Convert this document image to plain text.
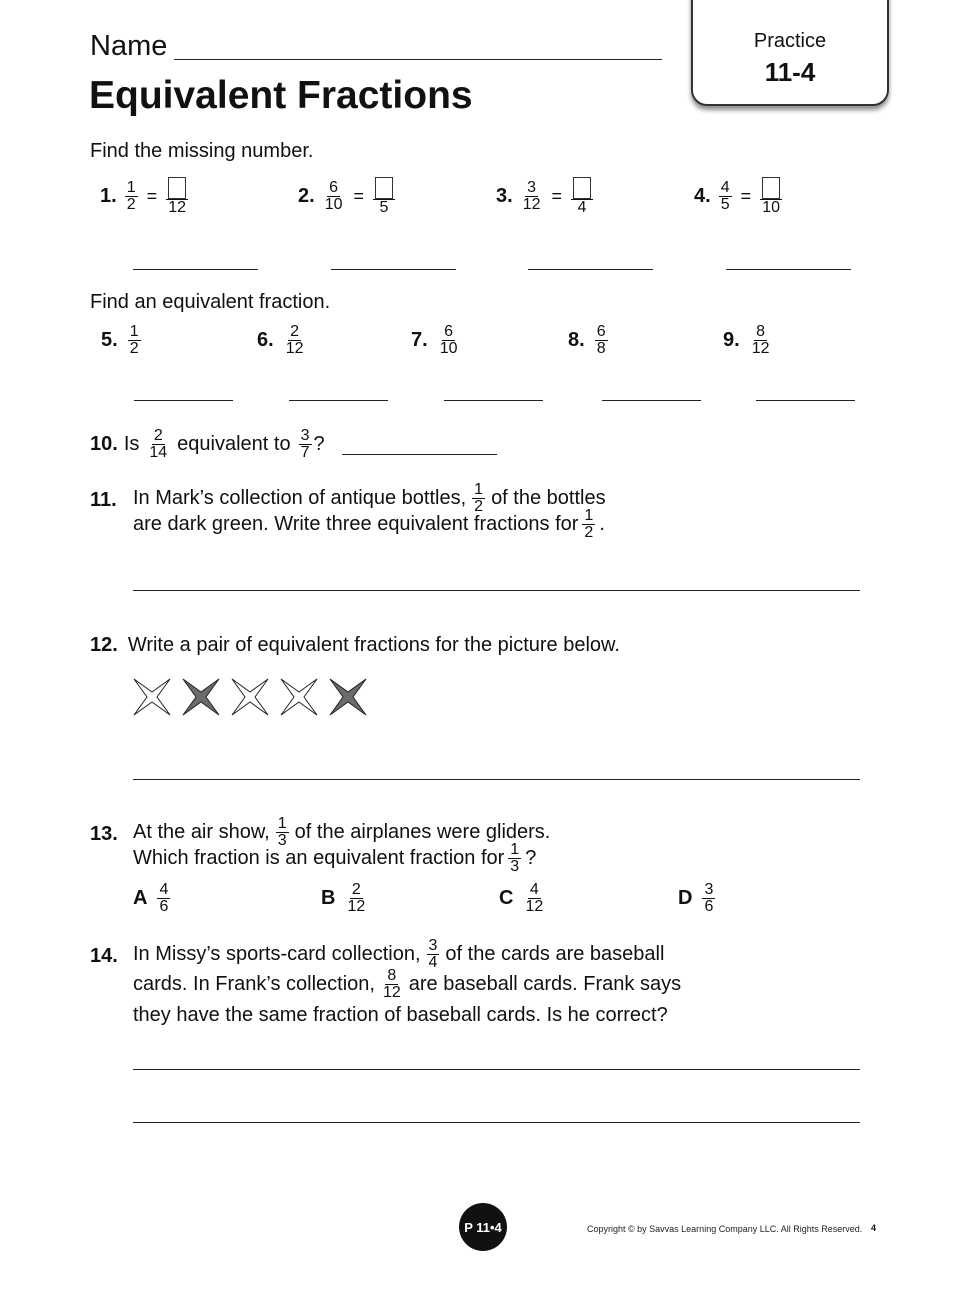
Name
Equivalent Fractions
Practice
11-4
Find the missing number.
Find an equivalent fraction.
10. Is $\frac{2}{14}$ equivalent to $\frac{3}{7}$ ?
11. In Mark’s collection of antique bottles, $\frac{1}{2}$ of the bottles
are dark green. Write three equivalent fractions for $\frac{1}{2}$ .
12. Write a pair of equivalent fractions for the picture below.
13. At the air show, $\frac{1}{3}$ of the airplanes were gliders.
Which fraction is an equivalent fraction for $\frac{1}{3}$ ?
14. In Missy’s sports-card collection, $\frac{3}{4}$ of the cards are baseball
cards. In Frank’s collection, $\frac{8}{12}$ are baseball cards. Frank says
they have the same fraction of baseball cards. Is he correct?
P 11•4	Copyright © by Savvas Learning Company LLC. All Rights Reserved. 4
1. $\frac{1}{2}$ =
12
2. $\frac{6}{10}$ =
5
3. $\frac{3}{12}$ =
4
4. $\frac{4}{5}$ =
10
5. $\frac{1}{2}$	6. $\frac{2}{12}$	7. $\frac{6}{10}$	8. $\frac{6}{8}$	9. $\frac{8}{12}$
A $\frac{4}{6}$	B $\frac{2}{12}$	C $\frac{4}{12}$	D $\frac{3}{6}$
